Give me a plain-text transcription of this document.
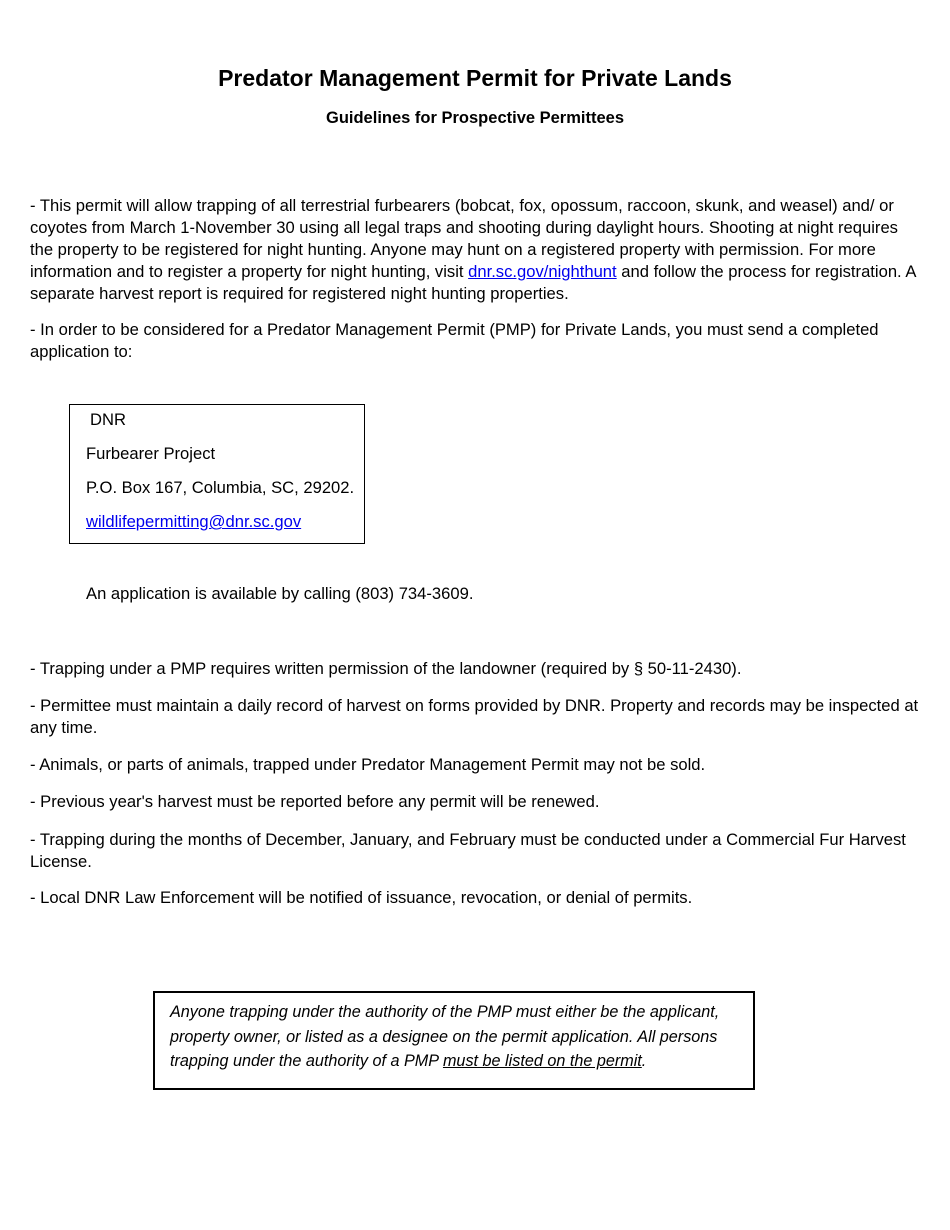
Predator Management Permit for Private Lands
Guidelines for Prospective Permittees

- This permit will allow trapping of all terrestrial furbearers (bobcat, fox, opossum, raccoon, skunk, and weasel) and/ or coyotes from March 1-November 30 using all legal traps and shooting during daylight hours. Shooting at night requires the property to be registered for night hunting. Anyone may hunt on a registered property with permission. For more information and to register a property for night hunting, visit dnr.sc.gov/nighthunt and follow the process for registration. A separate harvest report is required for registered night hunting properties.

- In order to be considered for a Predator Management Permit (PMP) for Private Lands, you must send a completed application to:

DNR
Furbearer Project
P.O. Box 167, Columbia, SC, 29202.
wildlifepermitting@dnr.sc.gov
An application is available by calling (803) 734-3609.

- Trapping under a PMP requires written permission of the landowner (required by § 50-11-2430).

- Permittee must maintain a daily record of harvest on forms provided by DNR. Property and records may be inspected at any time.

- Animals, or parts of animals, trapped under Predator Management Permit may not be sold.

- Previous year's harvest must be reported before any permit will be renewed.

- Trapping during the months of December, January, and February must be conducted under a Commercial Fur Harvest License.

- Local DNR Law Enforcement will be notified of issuance, revocation, or denial of permits.

Anyone trapping under the authority of the PMP must either be the applicant, property owner, or listed as a designee on the permit application. All persons trapping under the authority of a PMP must be listed on the permit.
